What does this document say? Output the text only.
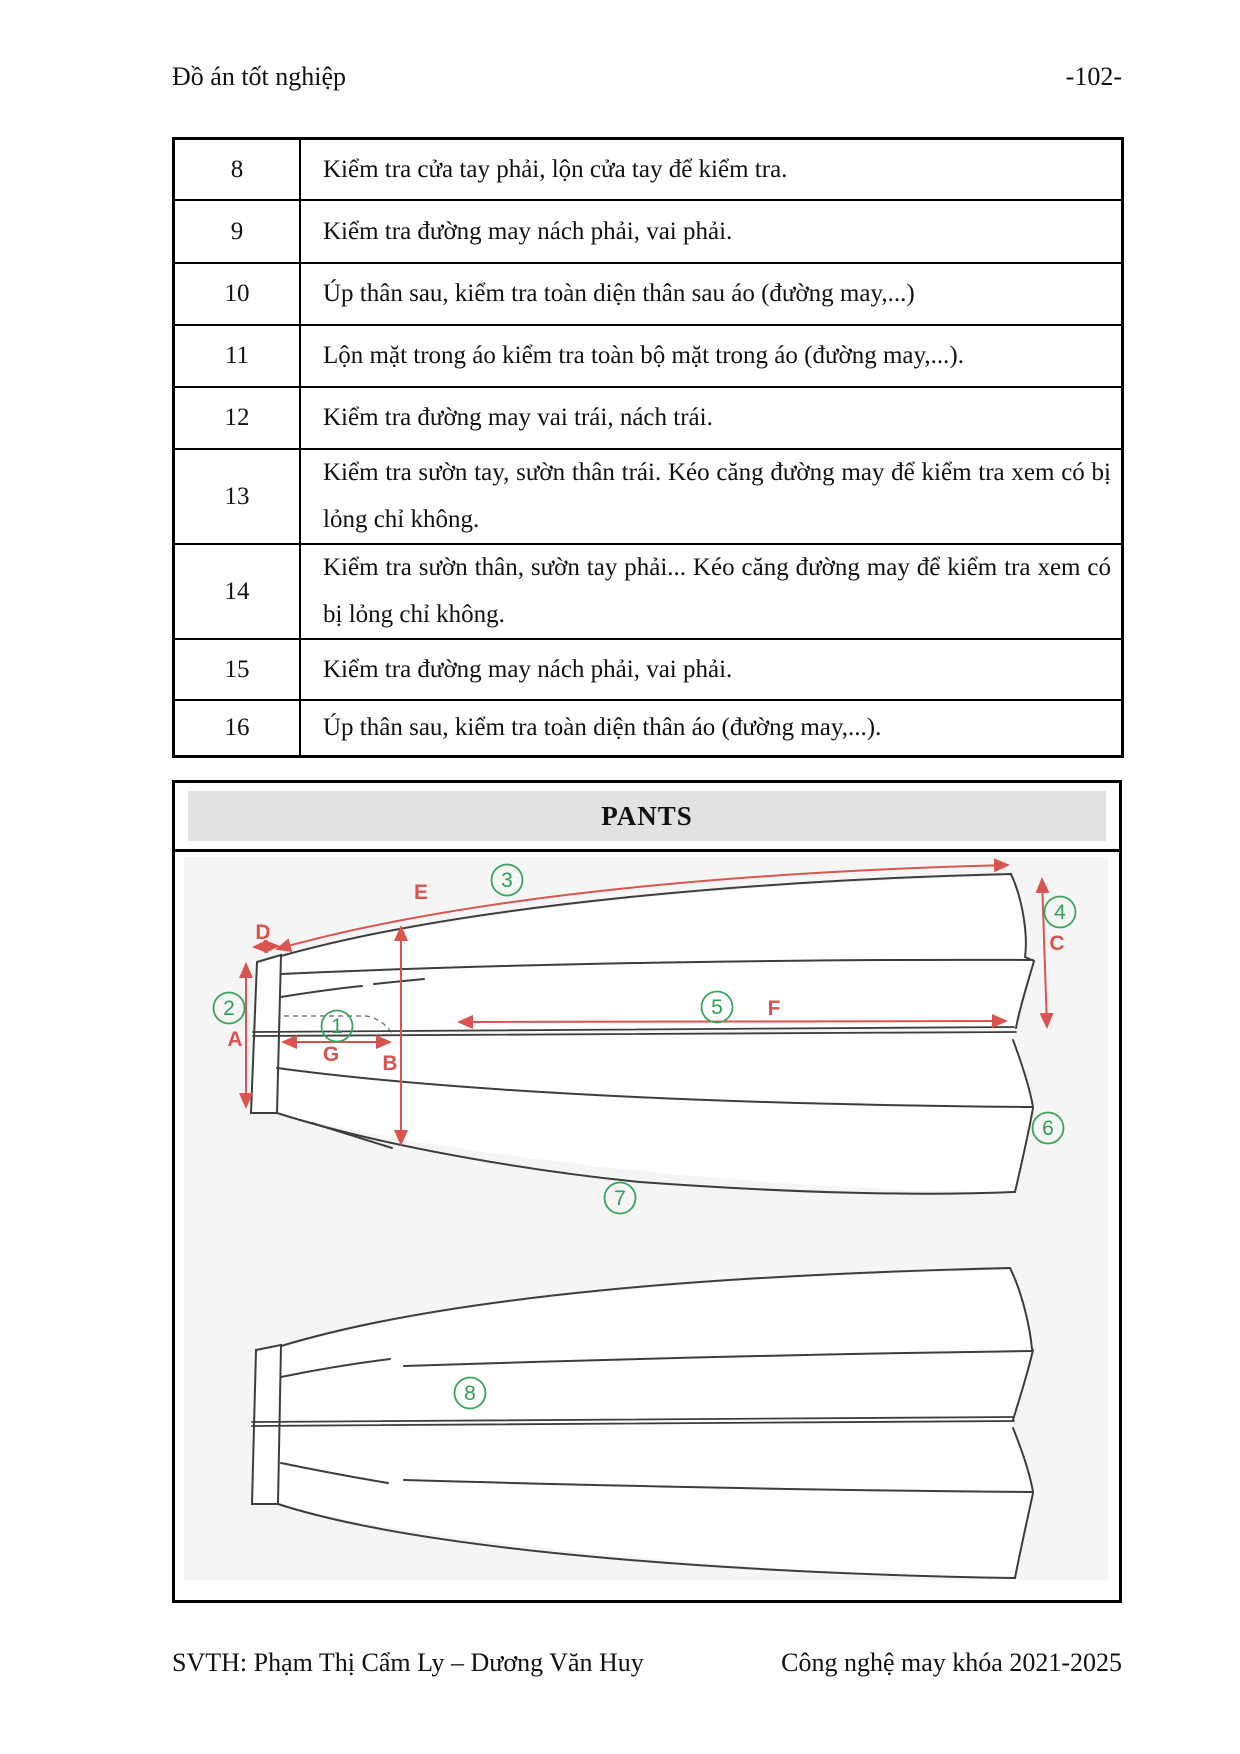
Đồ án tốt nghiệp	-102-
8	Kiểm tra cửa tay phải, lộn cửa tay để kiểm tra.
9	Kiểm tra đường may nách phải, vai phải.
10	Úp thân sau, kiểm tra toàn diện thân sau áo (đường may,...)
11	Lộn mặt trong áo kiểm tra toàn bộ mặt trong áo (đường may,...).
12	Kiểm tra đường may vai trái, nách trái.
13	Kiểm tra sườn tay, sườn thân trái. Kéo căng đường may để kiểm tra xem có bị lỏng chỉ không.
14	Kiểm tra sườn thân, sườn tay phải... Kéo căng đường may để kiểm tra xem có bị lỏng chỉ không.
15	Kiểm tra đường may nách phải, vai phải.
16	Úp thân sau, kiểm tra toàn diện thân áo (đường may,...).
PANTS
A
B
C
D
E
F
G
1
2
3
4
5
6
7
8
SVTH: Phạm Thị Cẩm Ly – Dương Văn Huy	Công nghệ may khóa 2021-2025
